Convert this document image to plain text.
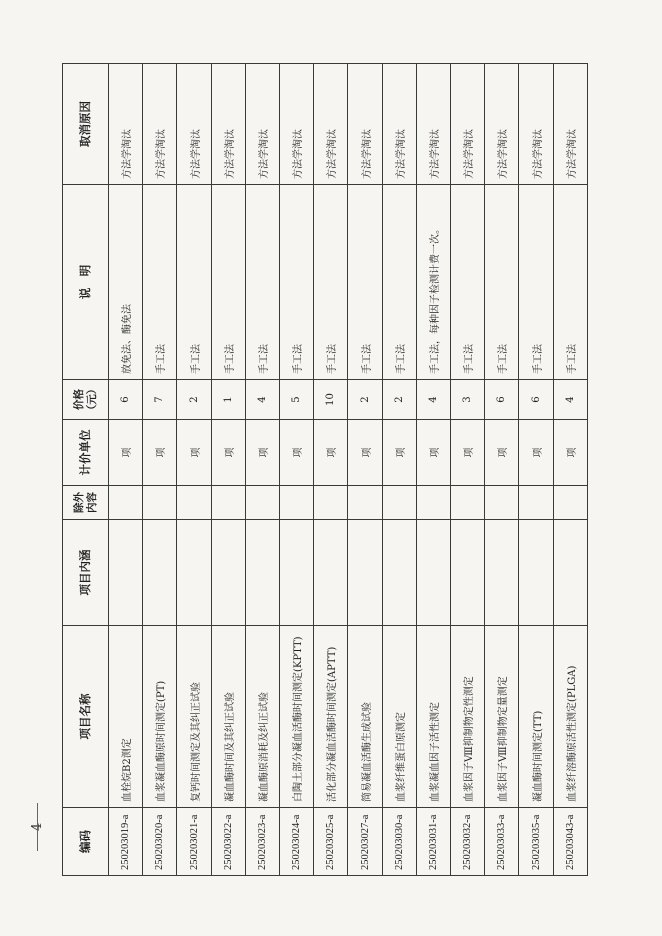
编码	项目名称	项目内涵	除外内容	计价单位	价格（元）	说　明	取消原因
250203019-a	血栓烷B2测定			项	6	放免法、酶免法	方法学淘汰
250203020-a	血浆凝血酶原时间测定(PT)			项	7	手工法	方法学淘汰
250203021-a	复钙时间测定及其纠正试验			项	2	手工法	方法学淘汰
250203022-a	凝血酶时间及其纠正试验			项	1	手工法	方法学淘汰
250203023-a	凝血酶原消耗及纠正试验			项	4	手工法	方法学淘汰
250203024-a	白陶土部分凝血活酶时间测定(KPTT)			项	5	手工法	方法学淘汰
250203025-a	活化部分凝血活酶时间测定(APTT)			项	10	手工法	方法学淘汰
250203027-a	简易凝血活酶生成试验			项	2	手工法	方法学淘汰
250203030-a	血浆纤维蛋白原测定			项	2	手工法	方法学淘汰
250203031-a	血浆凝血因子活性测定			项	4	手工法，每种因子检测计费一次。	方法学淘汰
250203032-a	血浆因子Ⅷ抑制物定性测定			项	3	手工法	方法学淘汰
250203033-a	血浆因子Ⅷ抑制物定量测定			项	6	手工法	方法学淘汰
250203035-a	凝血酶时间测定(TT)			项	6	手工法	方法学淘汰
250203043-a	血浆纤溶酶原活性测定(PLGA)			项	4	手工法	方法学淘汰
4
